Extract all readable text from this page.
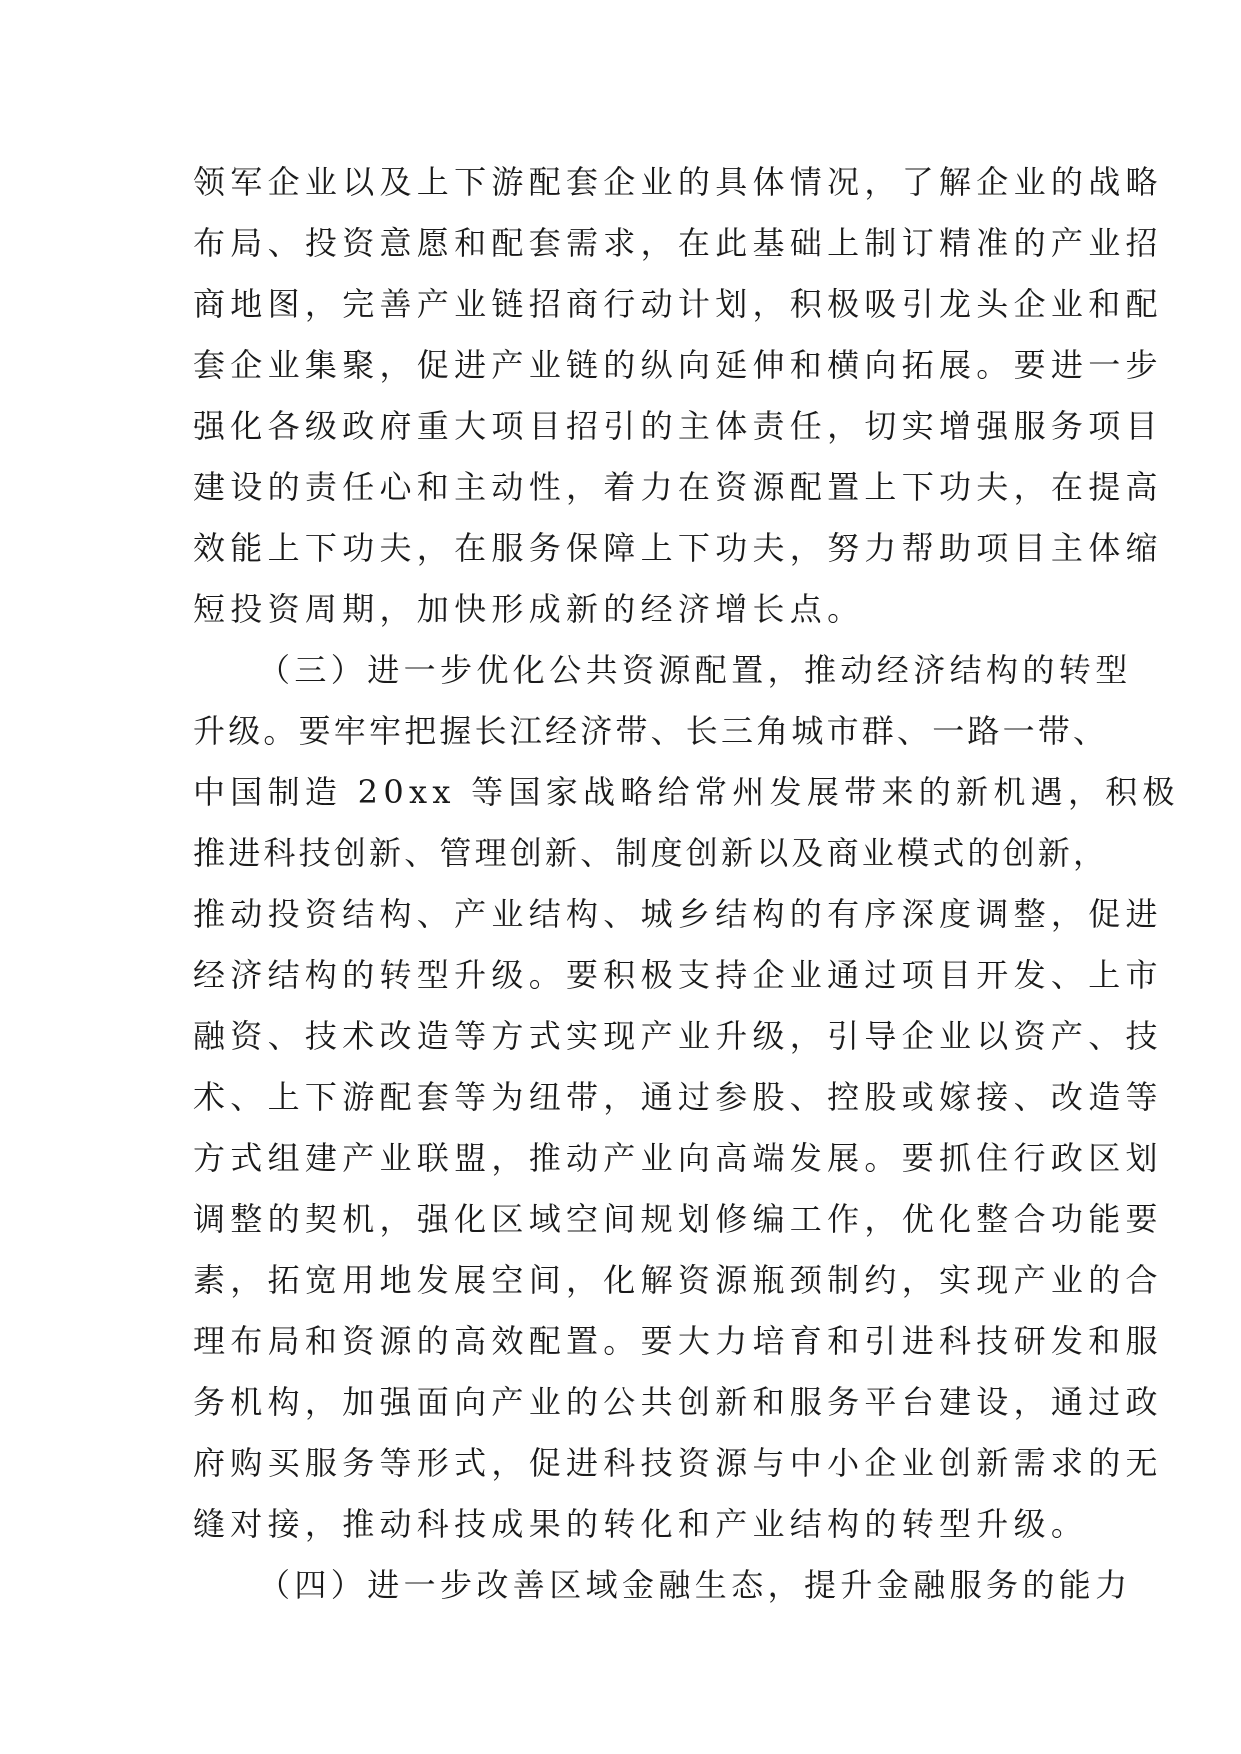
领军企业以及上下游配套企业的具体情况，了解企业的战略
布局、投资意愿和配套需求，在此基础上制订精准的产业招
商地图，完善产业链招商行动计划，积极吸引龙头企业和配
套企业集聚，促进产业链的纵向延伸和横向拓展。要进一步
强化各级政府重大项目招引的主体责任，切实增强服务项目
建设的责任心和主动性，着力在资源配置上下功夫，在提高
效能上下功夫，在服务保障上下功夫，努力帮助项目主体缩
短投资周期，加快形成新的经济增长点。
（三）进一步优化公共资源配置，推动经济结构的转型
升级。要牢牢把握长江经济带、长三角城市群、一路一带、
中国制造 20xx 等国家战略给常州发展带来的新机遇，积极
推进科技创新、管理创新、制度创新以及商业模式的创新，
推动投资结构、产业结构、城乡结构的有序深度调整，促进
经济结构的转型升级。要积极支持企业通过项目开发、上市
融资、技术改造等方式实现产业升级，引导企业以资产、技
术、上下游配套等为纽带，通过参股、控股或嫁接、改造等
方式组建产业联盟，推动产业向高端发展。要抓住行政区划
调整的契机，强化区域空间规划修编工作，优化整合功能要
素，拓宽用地发展空间，化解资源瓶颈制约，实现产业的合
理布局和资源的高效配置。要大力培育和引进科技研发和服
务机构，加强面向产业的公共创新和服务平台建设，通过政
府购买服务等形式，促进科技资源与中小企业创新需求的无
缝对接，推动科技成果的转化和产业结构的转型升级。
（四）进一步改善区域金融生态，提升金融服务的能力
